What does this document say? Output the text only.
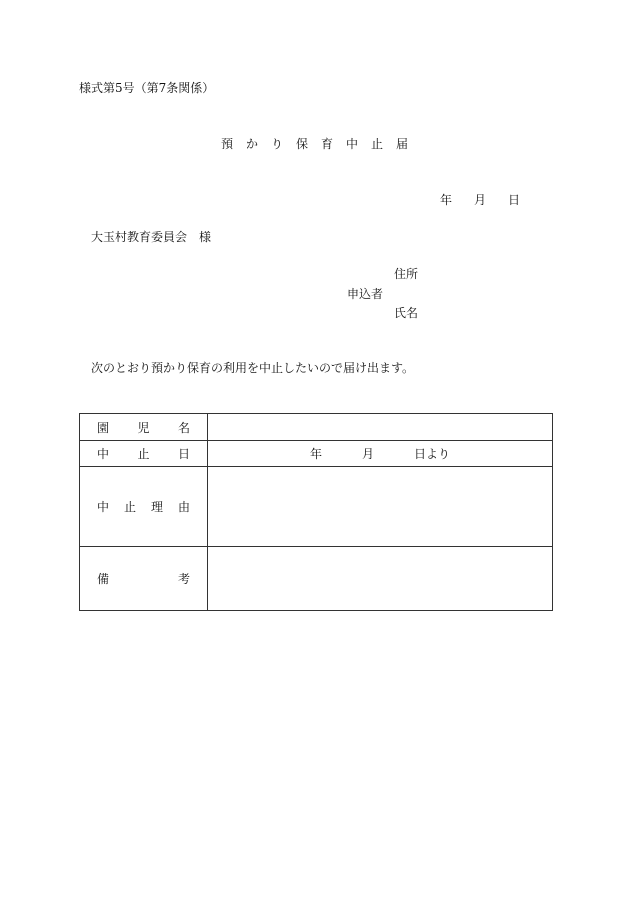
様式第5号（第7条関係）
預 か り 保 育 中 止 届
年 月 日
大玉村教育委員会　様
住所
申込者
氏名
次のとおり預かり保育の利用を中止したいので届け出ます。
園 児 名	

中 止 日	年 月 日より

中 止 理 由	

備 考	
